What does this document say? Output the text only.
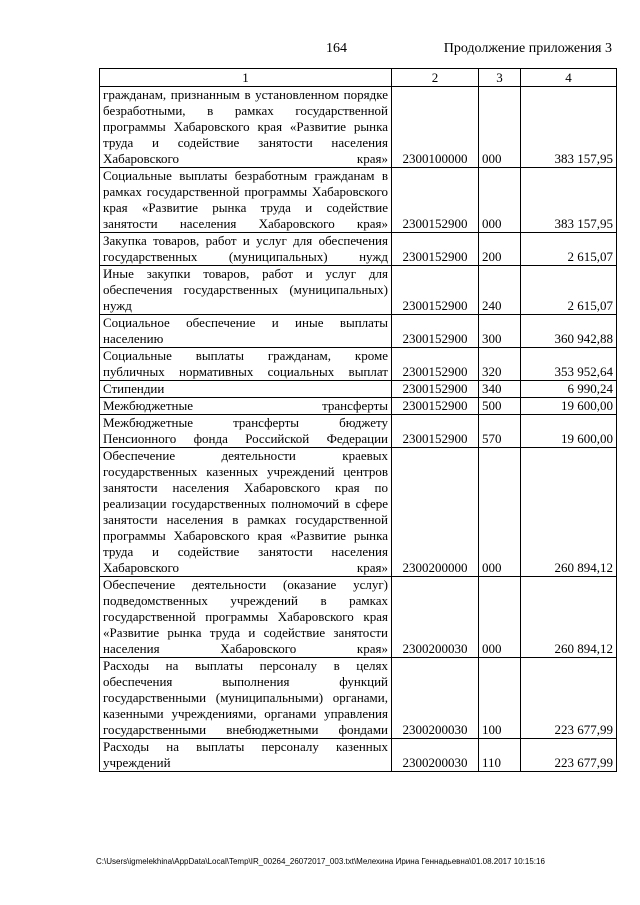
164	Продолжение приложения 3
1	2	3	4
гражданам, признанным в установленном порядке безработными, в рамках государственной программы Хабаровского края «Развитие рынка труда и содействие занятости населения Хабаровского края»	2300100000	000	383 157,95
Социальные выплаты безработным гражданам в рамках государственной программы Хабаровского края «Развитие рынка труда и содействие занятости населения Хабаровского края»	2300152900	000	383 157,95
Закупка товаров, работ и услуг для обеспечения государственных (муниципальных) нужд	2300152900	200	2 615,07
Иные закупки товаров, работ и услуг для обеспечения государственных (муниципальных) нужд	2300152900	240	2 615,07
Социальное обеспечение и иные выплаты населению	2300152900	300	360 942,88
Социальные выплаты гражданам, кроме публичных нормативных социальных выплат	2300152900	320	353 952,64
Стипендии	2300152900	340	6 990,24
Межбюджетные трансферты	2300152900	500	19 600,00
Межбюджетные трансферты бюджету Пенсионного фонда Российской Федерации	2300152900	570	19 600,00
Обеспечение деятельности краевых государственных казенных учреждений центров занятости населения Хабаровского края по реализации государственных полномочий в сфере занятости населения в рамках государственной программы Хабаровского края «Развитие рынка труда и содействие занятости населения Хабаровского края»	2300200000	000	260 894,12
Обеспечение деятельности (оказание услуг) подведомственных учреждений в рамках государственной программы Хабаровского края «Развитие рынка труда и содействие занятости населения Хабаровского края»	2300200030	000	260 894,12
Расходы на выплаты персоналу в целях обеспечения выполнения функций государственными (муниципальными) органами, казенными учреждениями, органами управления государственными внебюджетными фондами	2300200030	100	223 677,99
Расходы на выплаты персоналу казенных учреждений	2300200030	110	223 677,99
C:\Users\igmelekhina\AppData\Local\Temp\IR_00264_26072017_003.txt\Мелехина Ирина Геннадьевна\01.08.2017 10:15:16
